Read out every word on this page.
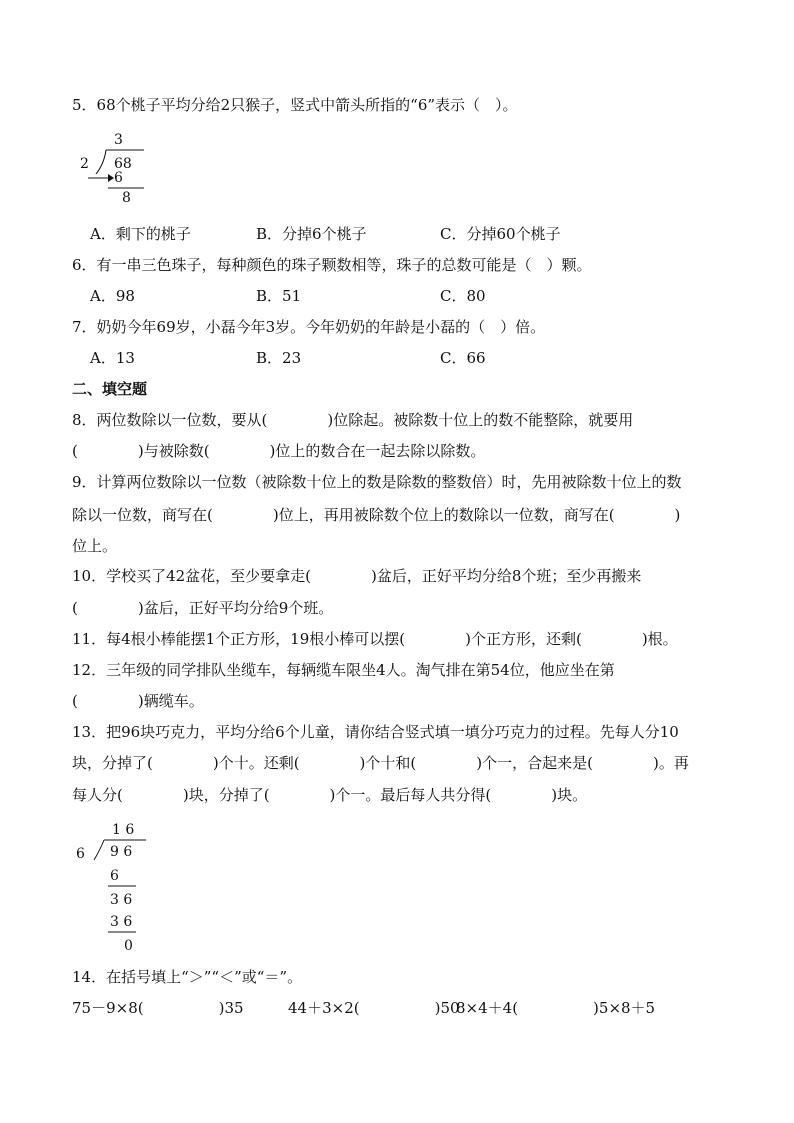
5．68个桃子平均分给2只猴子，竖式中箭头所指的“6”表示（　）。
3
2 68
6
8
A．剩下的桃子	B．分掉6个桃子	C．分掉60个桃子
6．有一串三色珠子，每种颜色的珠子颗数相等，珠子的总数可能是（　）颗。
A．98	B．51	C．80
7．奶奶今年69岁，小磊今年3岁。今年奶奶的年龄是小磊的（　）倍。
A．13	B．23	C．66
二、填空题
8．两位数除以一位数，要从(　　　　)位除起。被除数十位上的数不能整除，就要用
(　　　　)与被除数(　　　　)位上的数合在一起去除以除数。
9．计算两位数除以一位数（被除数十位上的数是除数的整数倍）时，先用被除数十位上的数
除以一位数，商写在(　　　　)位上，再用被除数个位上的数除以一位数，商写在(　　　　)
位上。
10．学校买了42盆花，至少要拿走(　　　　)盆后，正好平均分给8个班；至少再搬来
(　　　　)盆后，正好平均分给9个班。
11．每4根小棒能摆1个正方形，19根小棒可以摆(　　　　)个正方形，还剩(　　　　)根。
12．三年级的同学排队坐缆车，每辆缆车限坐4人。淘气排在第54位，他应坐在第
(　　　　)辆缆车。
13．把96块巧克力，平均分给6个儿童，请你结合竖式填一填分巧克力的过程。先每人分10
块，分掉了(　　　　)个十。还剩(　　　　)个十和(　　　　)个一，合起来是(　　　　)。再
每人分(　　　　)块，分掉了(　　　　)个一。最后每人共分得(　　　　)块。
1 6
6 9 6
6
3 6
3 6
0
14．在括号填上“＞”“＜”或“＝”。
75－9×8(　　　　　)35	44＋3×2(　　　　　)50
8×4＋4(　　　　　)5×8＋5
